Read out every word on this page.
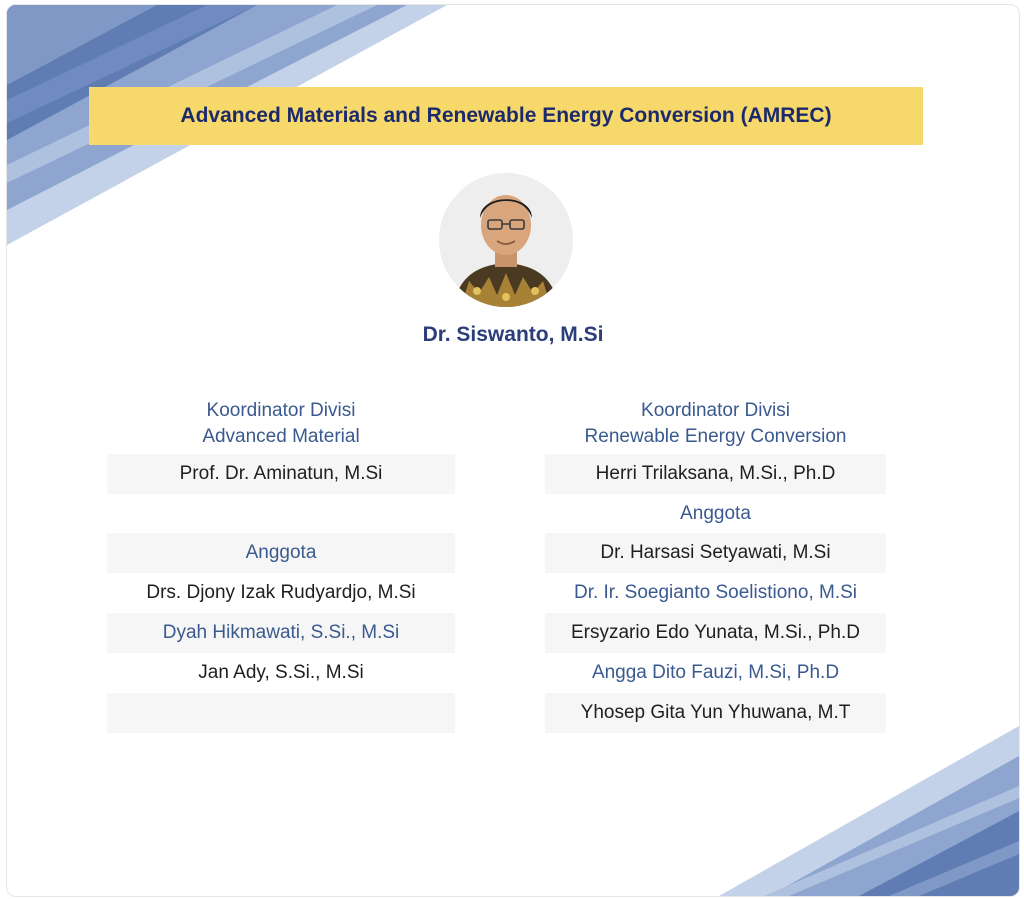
Advanced Materials and Renewable Energy Conversion (AMREC)
Dr. Siswanto, M.Si
Koordinator Divisi
Advanced Material
Prof. Dr. Aminatun, M.Si
Anggota
Drs. Djony Izak Rudyardjo, M.Si
Dyah Hikmawati, S.Si., M.Si
Jan Ady, S.Si., M.Si
Koordinator Divisi
Renewable Energy Conversion
Herri Trilaksana, M.Si., Ph.D
Anggota
Dr. Harsasi Setyawati, M.Si
Dr. Ir. Soegianto Soelistiono, M.Si
Ersyzario Edo Yunata, M.Si., Ph.D
Angga Dito Fauzi, M.Si, Ph.D
Yhosep Gita Yun Yhuwana, M.T
